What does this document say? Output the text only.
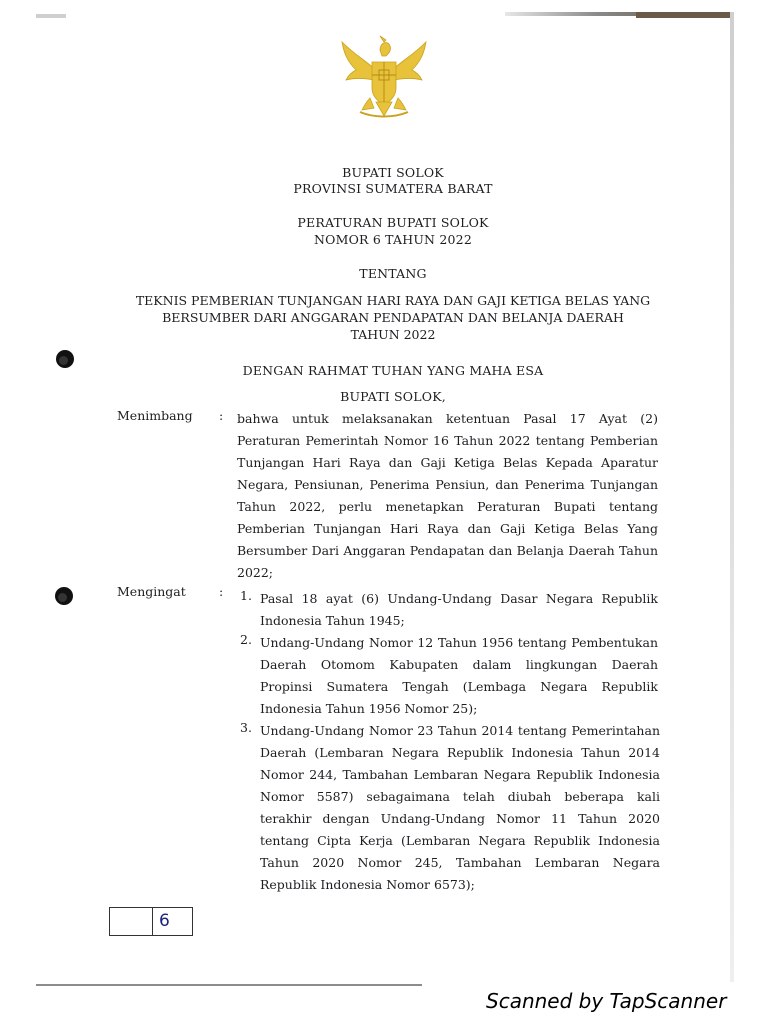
BUPATI SOLOK
PROVINSI SUMATERA BARAT
PERATURAN BUPATI SOLOK
NOMOR 6 TAHUN 2022
TENTANG
TEKNIS PEMBERIAN TUNJANGAN HARI RAYA DAN GAJI KETIGA BELAS YANG
BERSUMBER DARI ANGGARAN PENDAPATAN DAN BELANJA DAERAH
TAHUN 2022
DENGAN RAHMAT TUHAN YANG MAHA ESA
BUPATI SOLOK,
Menimbang : bahwa untuk melaksanakan ketentuan Pasal 17 Ayat (2) Peraturan Pemerintah Nomor 16 Tahun 2022 tentang Pemberian Tunjangan Hari Raya dan Gaji Ketiga Belas Kepada Aparatur Negara, Pensiunan, Penerima Pensiun, dan Penerima Tunjangan Tahun 2022, perlu menetapkan Peraturan Bupati tentang Pemberian Tunjangan Hari Raya dan Gaji Ketiga Belas Yang Bersumber Dari Anggaran Pendapatan dan Belanja Daerah Tahun 2022;
Mengingat	: 1. Pasal 18 ayat (6) Undang-Undang Dasar Negara Republik Indonesia Tahun 1945;
2. Undang-Undang Nomor 12 Tahun 1956 tentang Pembentukan Daerah Otomom Kabupaten dalam lingkungan Daerah Propinsi Sumatera Tengah (Lembaga Negara Republik Indonesia Tahun 1956 Nomor 25);
3. Undang-Undang Nomor 23 Tahun 2014 tentang Pemerintahan Daerah (Lembaran Negara Republik Indonesia Tahun 2014 Nomor 244, Tambahan Lembaran Negara Republik Indonesia Nomor 5587) sebagaimana telah diubah beberapa kali terakhir dengan Undang-Undang Nomor 11 Tahun 2020 tentang Cipta Kerja (Lembaran Negara Republik Indonesia Tahun 2020 Nomor 245, Tambahan Lembaran Negara Republik Indonesia Nomor 6573);
6
Scanned by TapScanner
